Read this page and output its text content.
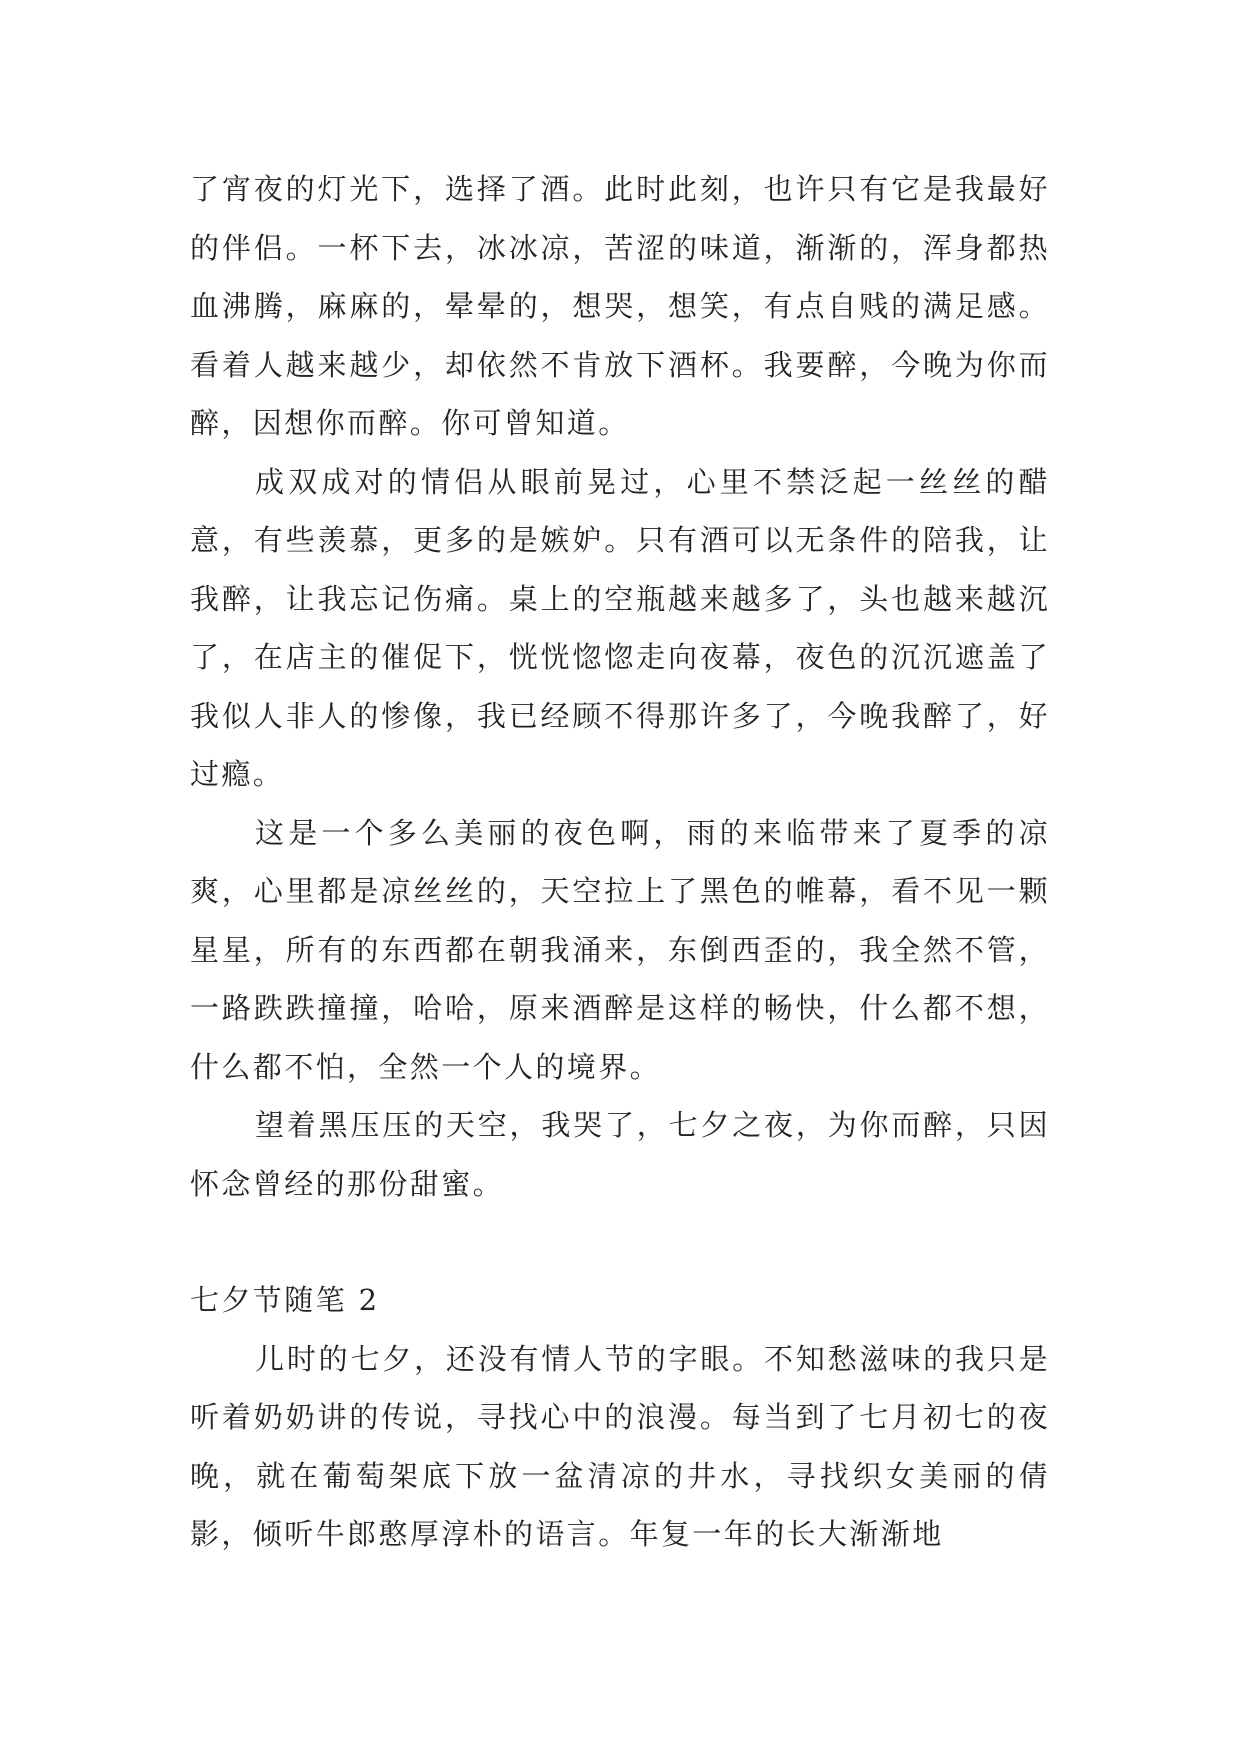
了宵夜的灯光下，选择了酒。此时此刻，也许只有它是我最好的伴侣。一杯下去，冰冰凉，苦涩的味道，渐渐的，浑身都热血沸腾，麻麻的，晕晕的，想哭，想笑，有点自贱的满足感。看着人越来越少，却依然不肯放下酒杯。我要醉，今晚为你而醉，因想你而醉。你可曾知道。

成双成对的情侣从眼前晃过，心里不禁泛起一丝丝的醋意，有些羡慕，更多的是嫉妒。只有酒可以无条件的陪我，让我醉，让我忘记伤痛。桌上的空瓶越来越多了，头也越来越沉了，在店主的催促下，恍恍惚惚走向夜幕，夜色的沉沉遮盖了我似人非人的惨像，我已经顾不得那许多了，今晚我醉了，好过瘾。

这是一个多么美丽的夜色啊，雨的来临带来了夏季的凉爽，心里都是凉丝丝的，天空拉上了黑色的帷幕，看不见一颗星星，所有的东西都在朝我涌来，东倒西歪的，我全然不管，一路跌跌撞撞，哈哈，原来酒醉是这样的畅快，什么都不想，什么都不怕，全然一个人的境界。

望着黑压压的天空，我哭了，七夕之夜，为你而醉，只因怀念曾经的那份甜蜜。

七夕节随笔 2

儿时的七夕，还没有情人节的字眼。不知愁滋味的我只是听着奶奶讲的传说，寻找心中的浪漫。每当到了七月初七的夜晚，就在葡萄架底下放一盆清凉的井水，寻找织女美丽的倩影，倾听牛郎憨厚淳朴的语言。年复一年的长大渐渐地
